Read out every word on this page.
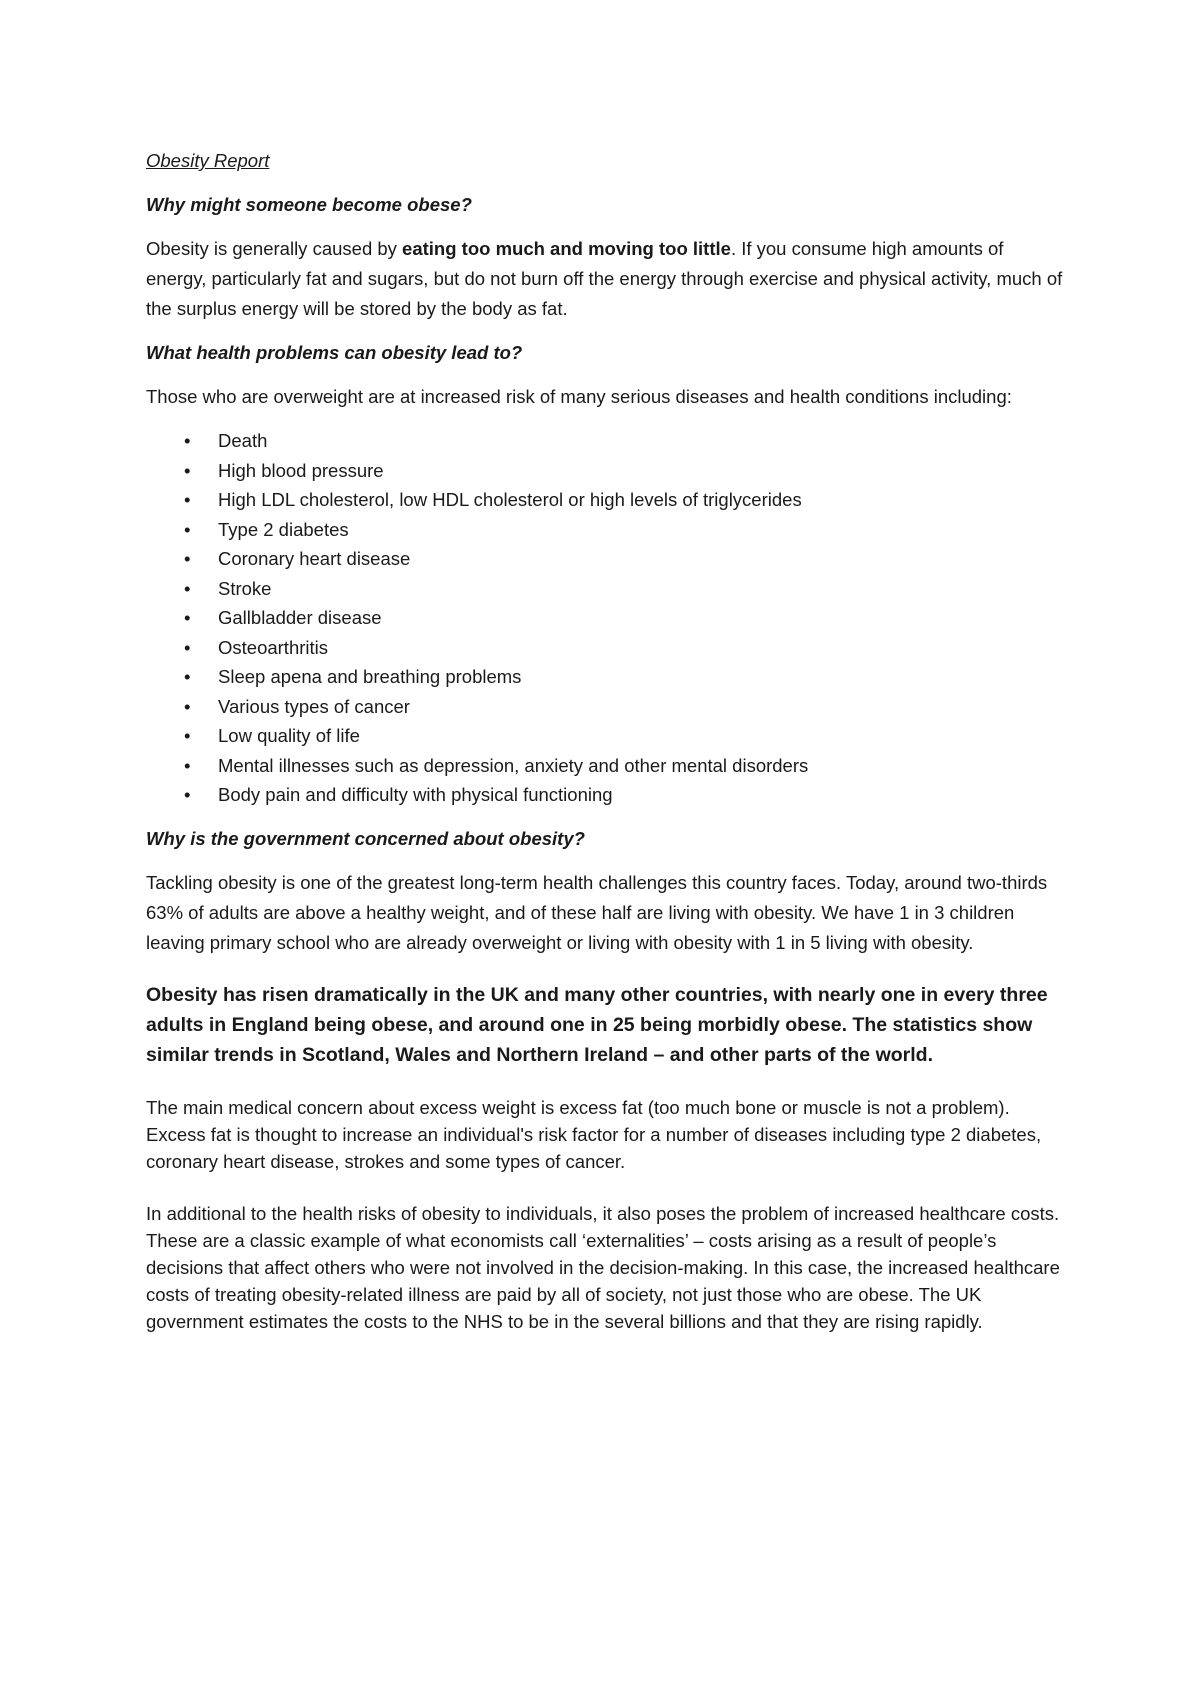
Obesity Report
Why might someone become obese?

Obesity is generally caused by eating too much and moving too little. If you consume high amounts of energy, particularly fat and sugars, but do not burn off the energy through exercise and physical activity, much of the surplus energy will be stored by the body as fat.

What health problems can obesity lead to?

Those who are overweight are at increased risk of many serious diseases and health conditions including:

• Death
• High blood pressure
• High LDL cholesterol, low HDL cholesterol or high levels of triglycerides
• Type 2 diabetes
• Coronary heart disease
• Stroke
• Gallbladder disease
• Osteoarthritis
• Sleep apena and breathing problems
• Various types of cancer
• Low quality of life
• Mental illnesses such as depression, anxiety and other mental disorders
• Body pain and difficulty with physical functioning
Why is the government concerned about obesity?

Tackling obesity is one of the greatest long-term health challenges this country faces. Today, around two-thirds 63% of adults are above a healthy weight, and of these half are living with obesity. We have 1 in 3 children leaving primary school who are already overweight or living with obesity with 1 in 5 living with obesity.

Obesity has risen dramatically in the UK and many other countries, with nearly one in every three adults in England being obese, and around one in 25 being morbidly obese. The statistics show similar trends in Scotland, Wales and Northern Ireland – and other parts of the world.

The main medical concern about excess weight is excess fat (too much bone or muscle is not a problem). Excess fat is thought to increase an individual's risk factor for a number of diseases including type 2 diabetes, coronary heart disease, strokes and some types of cancer.

In additional to the health risks of obesity to individuals, it also poses the problem of increased healthcare costs. These are a classic example of what economists call ‘externalities’ – costs arising as a result of people’s decisions that affect others who were not involved in the decision-making. In this case, the increased healthcare costs of treating obesity-related illness are paid by all of society, not just those who are obese. The UK government estimates the costs to the NHS to be in the several billions and that they are rising rapidly.
